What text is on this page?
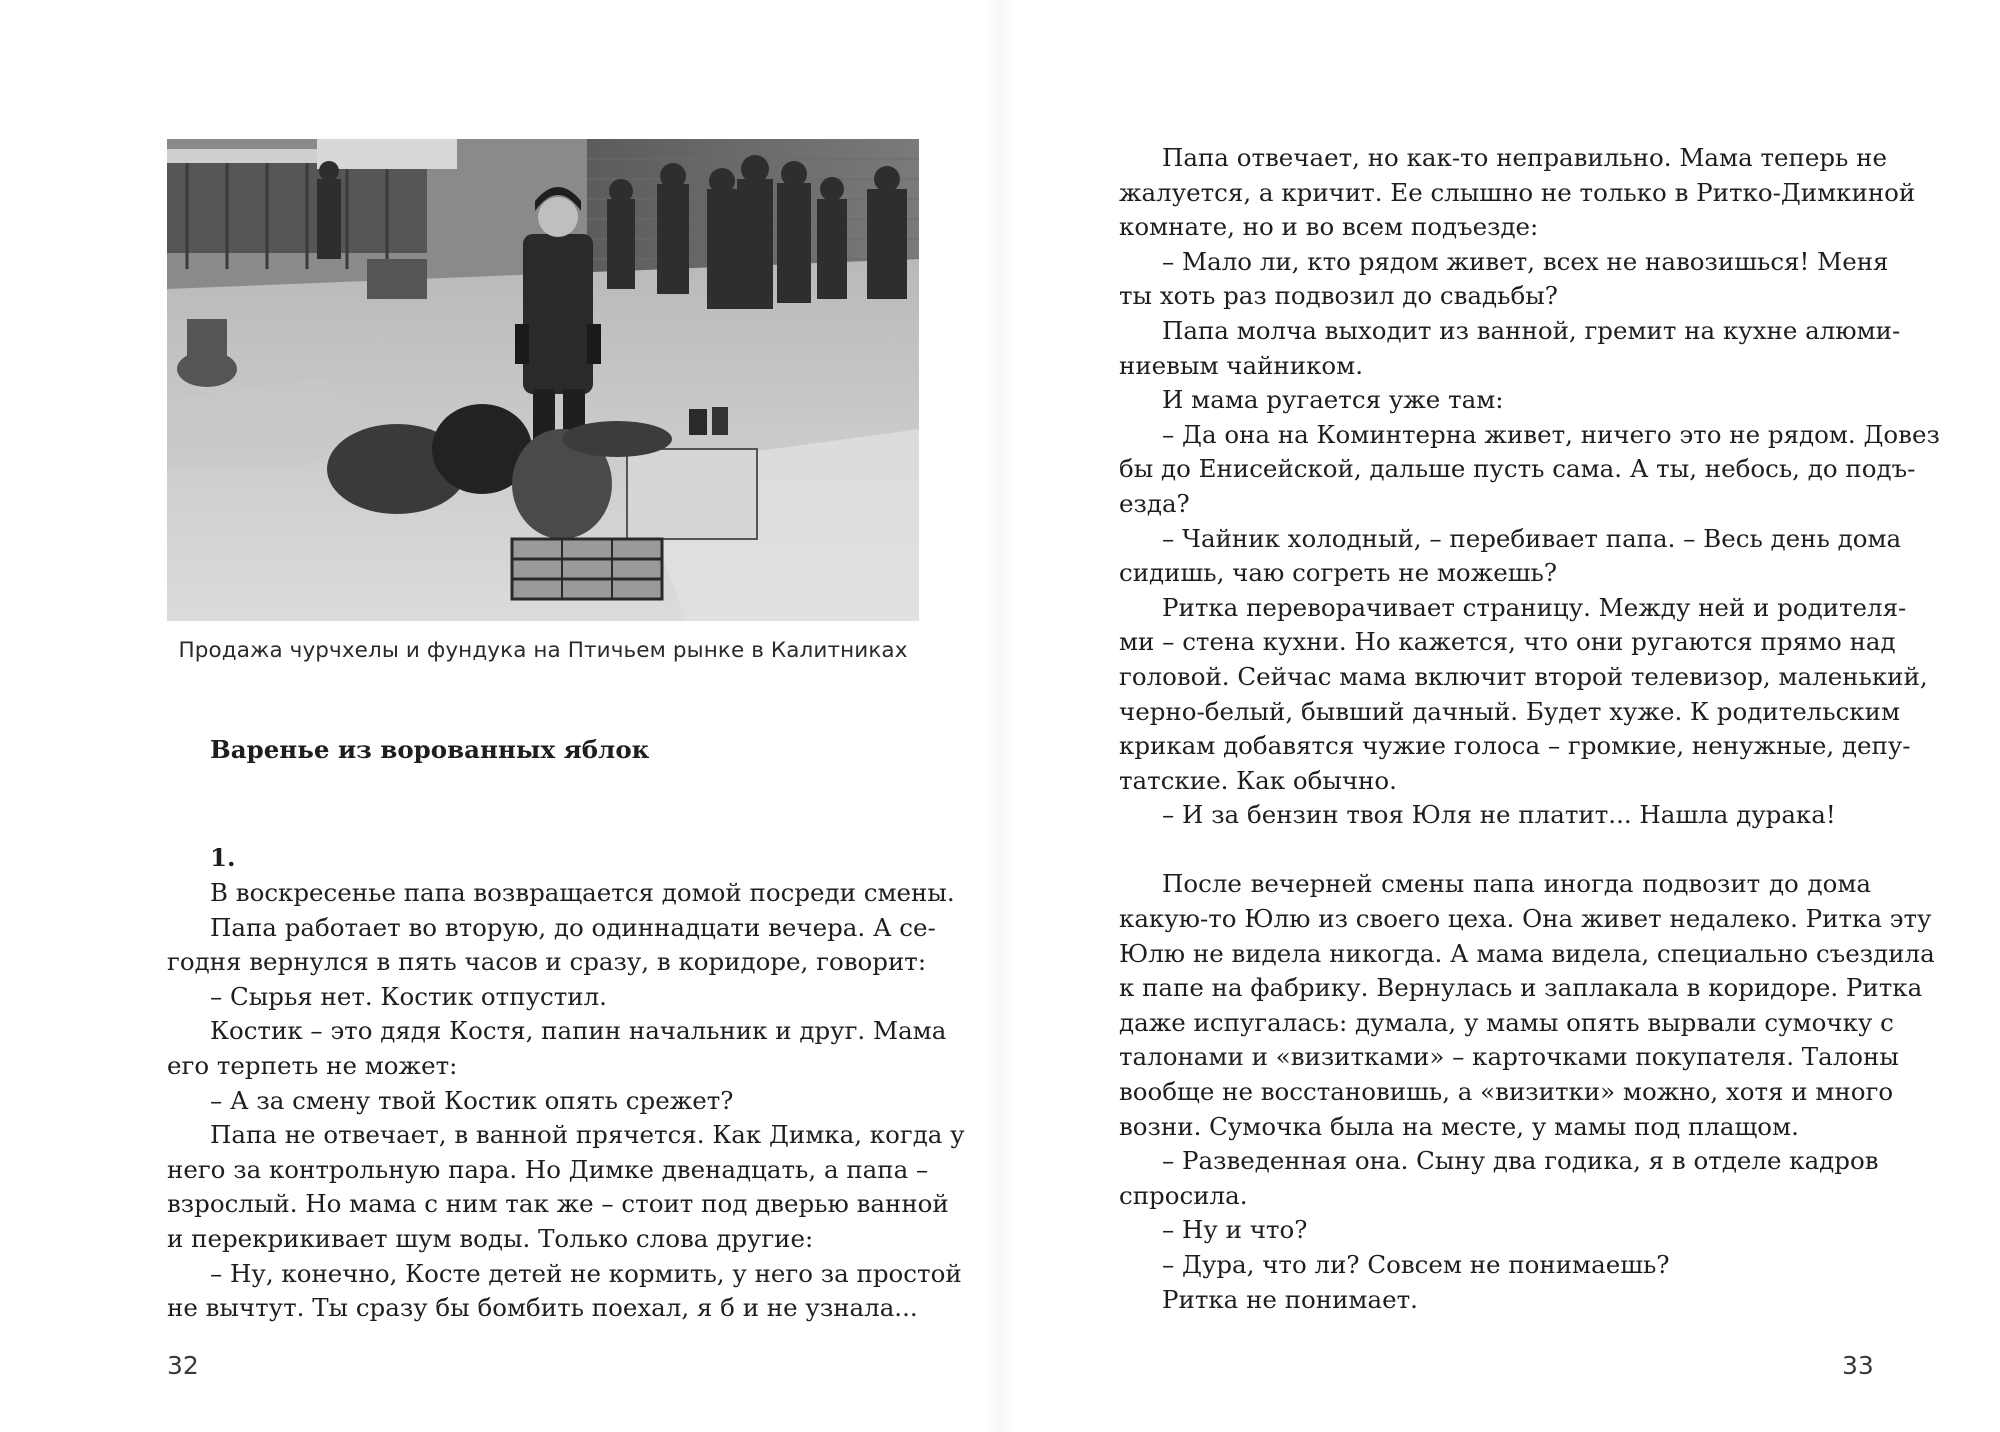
Продажа чурчхелы и фундука на Птичьем рынке в Калитниках
Варенье из ворованных яблок
1.
В воскресенье папа возвращается домой посреди смены.
Папа работает во вторую, до одиннадцати вечера. А се-
годня вернулся в пять часов и сразу, в коридоре, говорит:
– Сырья нет. Костик отпустил.
Костик – это дядя Костя, папин начальник и друг. Мама
его терпеть не может:
– А за смену твой Костик опять срежет?
Папа не отвечает, в ванной прячется. Как Димка, когда у
него за контрольную пара. Но Димке двенадцать, а папа –
взрослый. Но мама с ним так же – стоит под дверью ванной
и перекрикивает шум воды. Только слова другие:
– Ну, конечно, Косте детей не кормить, у него за простой
не вычтут. Ты сразу бы бомбить поехал, я б и не узнала...
32
Папа отвечает, но как-то неправильно. Мама теперь не
жалуется, а кричит. Ее слышно не только в Ритко-Димкиной
комнате, но и во всем подъезде:
– Мало ли, кто рядом живет, всех не навозишься! Меня
ты хоть раз подвозил до свадьбы?
Папа молча выходит из ванной, гремит на кухне алюми-
ниевым чайником.
И мама ругается уже там:
– Да она на Коминтерна живет, ничего это не рядом. Довез
бы до Енисейской, дальше пусть сама. А ты, небось, до подъ-
езда?
– Чайник холодный, – перебивает папа. – Весь день дома
сидишь, чаю согреть не можешь?
Ритка переворачивает страницу. Между ней и родителя-
ми – стена кухни. Но кажется, что они ругаются прямо над
головой. Сейчас мама включит второй телевизор, маленький,
черно-белый, бывший дачный. Будет хуже. К родительским
крикам добавятся чужие голоса – громкие, ненужные, депу-
татские. Как обычно.
– И за бензин твоя Юля не платит... Нашла дурака!
После вечерней смены папа иногда подвозит до дома
какую-то Юлю из своего цеха. Она живет недалеко. Ритка эту
Юлю не видела никогда. А мама видела, специально съездила
к папе на фабрику. Вернулась и заплакала в коридоре. Ритка
даже испугалась: думала, у мамы опять вырвали сумочку с
талонами и «визитками» – карточками покупателя. Талоны
вообще не восстановишь, а «визитки» можно, хотя и много
возни. Сумочка была на месте, у мамы под плащом.
– Разведенная она. Сыну два годика, я в отделе кадров
спросила.
– Ну и что?
– Дура, что ли? Совсем не понимаешь?
Ритка не понимает.
33
